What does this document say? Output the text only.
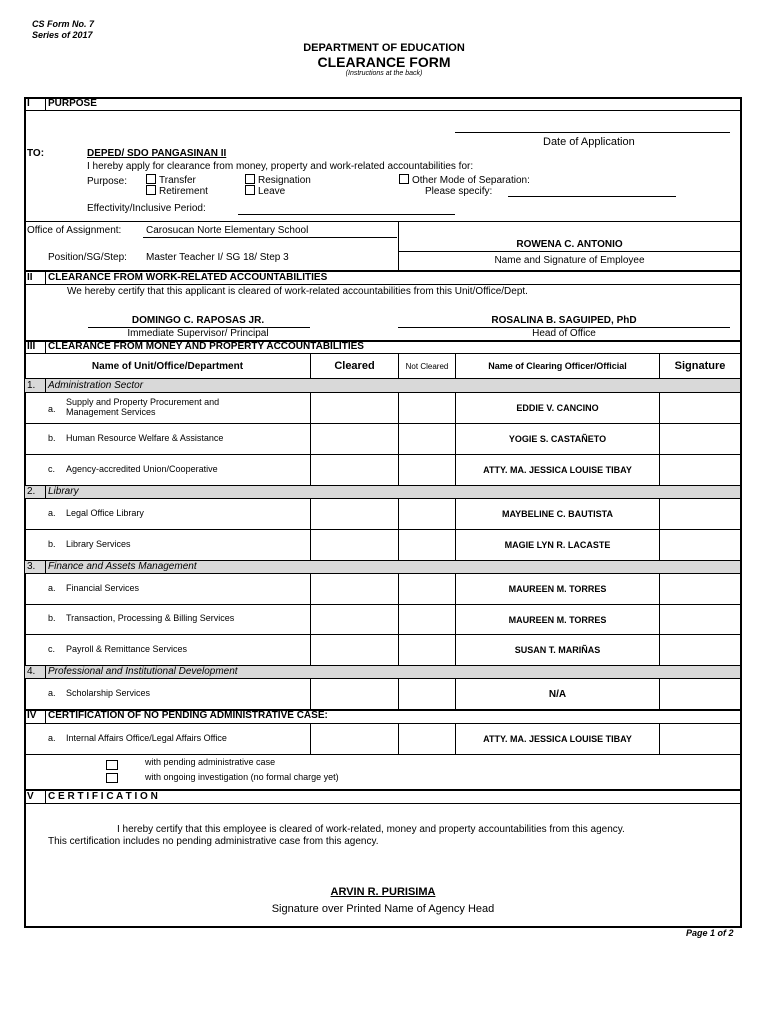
CS Form No. 7
Series of 2017
DEPARTMENT OF EDUCATION
CLEARANCE FORM
(Instructions at the back)
I PURPOSE
Date of Application
TO:	DEPED/ SDO PANGASINAN II
I hereby apply for clearance from money, property and work-related accountabilities for:
Purpose:	Transfer	Resignation	Other Mode of Separation:
Retirement	Leave	Please specify:
Effectivity/Inclusive Period:
Office of Assignment: Carosucan Norte Elementary School
Position/SG/Step: Master Teacher I/ SG 18/ Step 3
ROWENA C. ANTONIO
Name and Signature of Employee
II CLEARANCE FROM WORK-RELATED ACCOUNTABILITIES
We hereby certify that this applicant is cleared of work-related accountabilities from this Unit/Office/Dept.
DOMINGO C. RAPOSAS JR.
Immediate Supervisor/ Principal
ROSALINA B. SAGUIPED, PhD
Head of Office
III CLEARANCE FROM MONEY AND PROPERTY ACCOUNTABILITIES
Name of Unit/Office/Department	Cleared	Not Cleared	Name of Clearing Officer/Official	Signature
1. Administration Sector
a.
Supply and Property Procurement and
Management Services	EDDIE V. CANCINO
b. Human Resource Welfare & Assistance	YOGIE S. CASTAÑETO
c. Agency-accredited Union/Cooperative	ATTY. MA. JESSICA LOUISE TIBAY
2. Library
a. Legal Office Library	MAYBELINE C. BAUTISTA
b. Library Services	MAGIE LYN R. LACASTE
3. Finance and Assets Management
a. Financial Services	MAUREEN M. TORRES
b. Transaction, Processing & Billing Services	MAUREEN M. TORRES
c. Payroll & Remittance Services	SUSAN T. MARIÑAS
4. Professional and Institutional Development
a. Scholarship Services	N/A
IV CERTIFICATION OF NO PENDING ADMINISTRATIVE CASE:
a. Internal Affairs Office/Legal Affairs Office	ATTY. MA. JESSICA LOUISE TIBAY
with pending administrative case
with ongoing investigation (no formal charge yet)
V C E R T I F I C A T I O N
I hereby certify that this employee is cleared of work-related, money and property accountabilities from this agency.
This certification includes no pending administrative case from this agency.
ARVIN R. PURISIMA
Signature over Printed Name of Agency Head
Page 1 of 2
